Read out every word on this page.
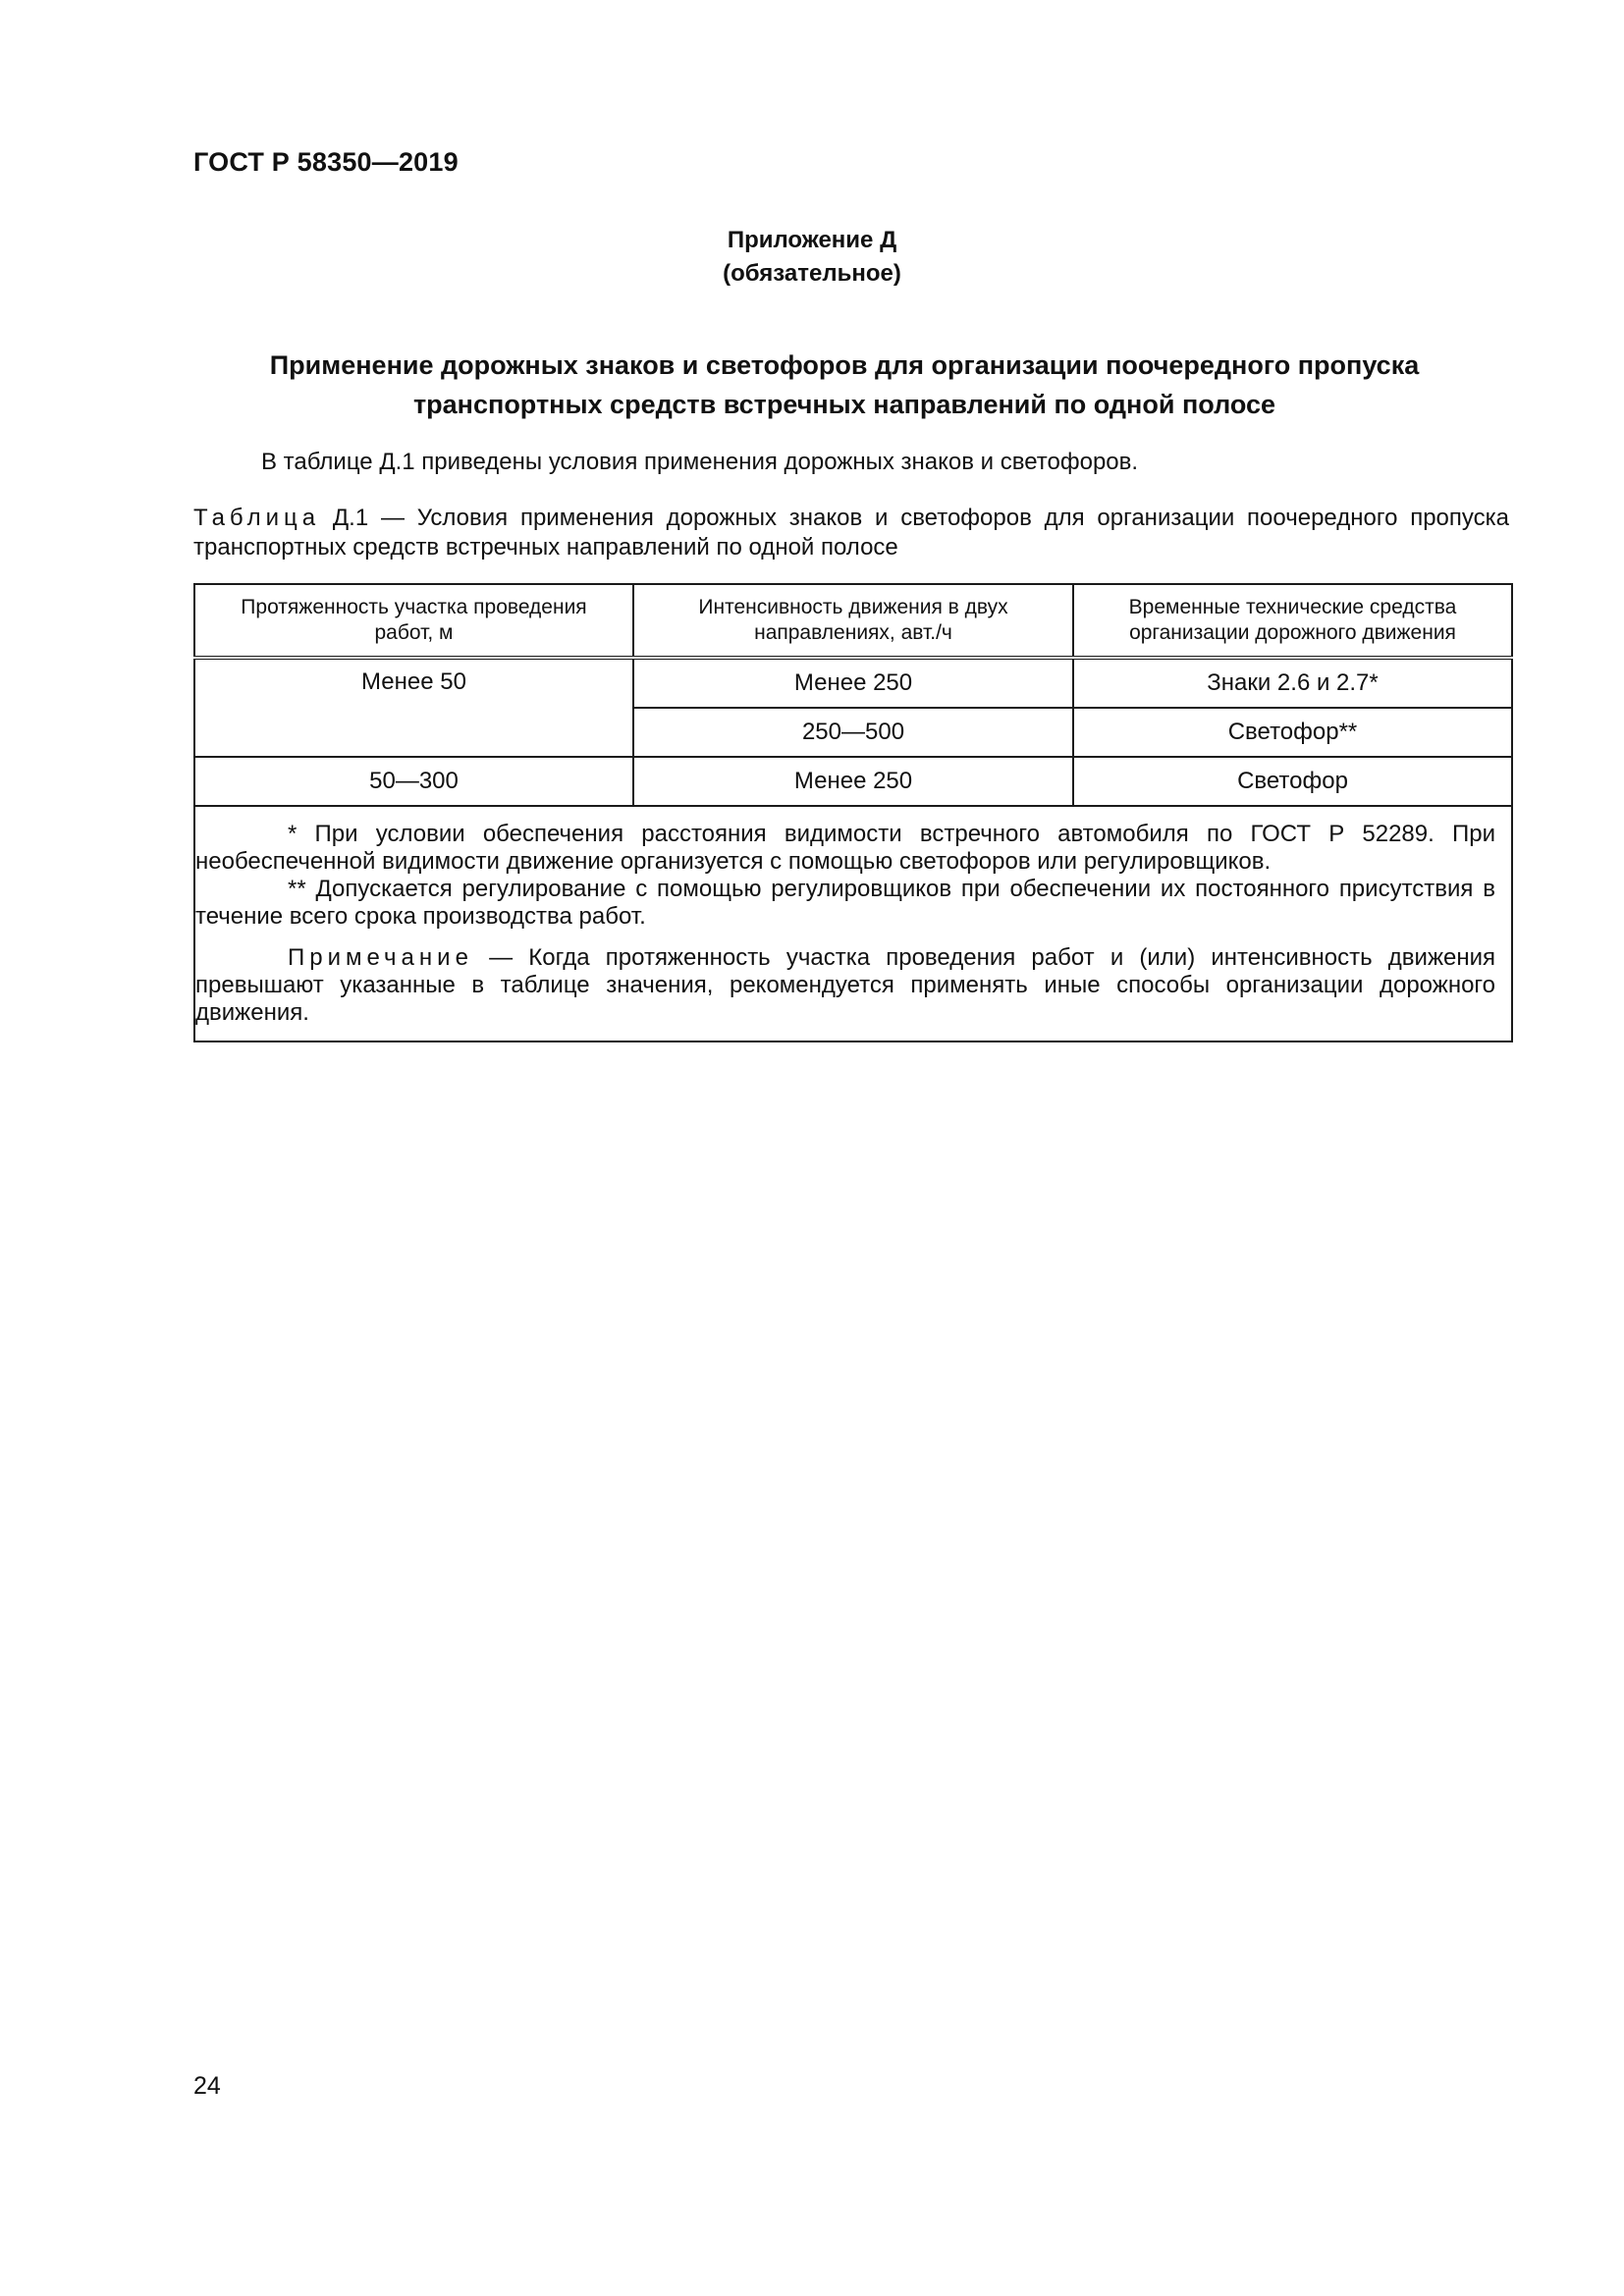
ГОСТ Р 58350—2019
Приложение Д
(обязательное)
Применение дорожных знаков и светофоров для организации поочередного пропуска
транспортных средств встречных направлений по одной полосе
В таблице Д.1 приведены условия применения дорожных знаков и светофоров.
Таблица Д.1 — Условия применения дорожных знаков и светофоров для организации поочередного пропуска
транспортных средств встречных направлений по одной полосе
Протяженность участка проведения работ, м	Интенсивность движения в двух направлениях, авт./ч	Временные технические средства организации дорожного движения
Менее 50	Менее 250	Знаки 2.6 и 2.7*
	250—500	Светофор**
50—300	Менее 250	Светофор

* При условии обеспечения расстояния видимости встречного автомобиля по ГОСТ Р 52289. При необеспеченной видимости движение организуется с помощью светофоров или регулировщиков.

** Допускается регулирование с помощью регулировщиков при обеспечении их постоянного присутствия в течение всего срока производства работ.

Примечание — Когда протяженность участка проведения работ и (или) интенсивность движения превышают указанные в таблице значения, рекомендуется применять иные способы организации дорожного движения.		

24
